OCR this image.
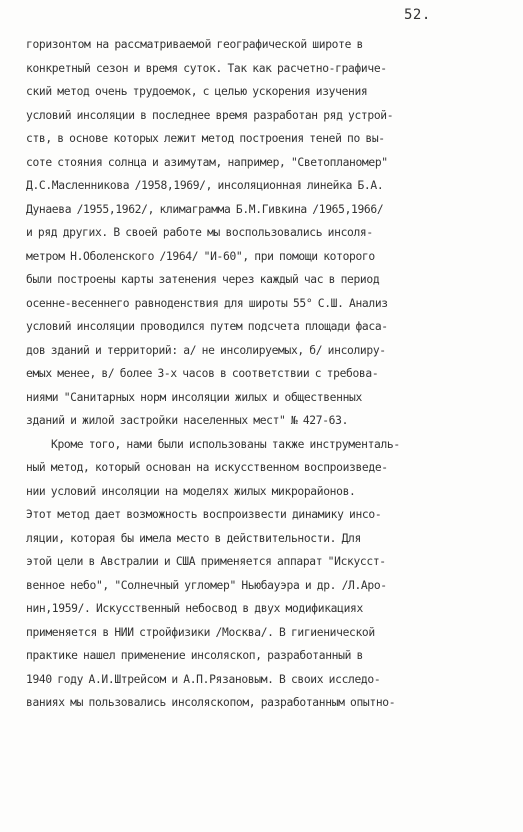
52.
горизонтом на рассматриваемой географической широте в
конкретный сезон и время суток. Так как расчетно-графиче-
ский метод очень трудоемок, с целью ускорения изучения
условий инсоляции в последнее время разработан ряд устрой-
ств, в основе которых лежит метод построения теней по вы-
соте стояния солнца и азимутам, например, "Светопланомер"
Д.С.Масленникова /1958,1969/, инсоляционная линейка Б.А.
Дунаева /1955,1962/, климаграмма Б.М.Гивкина /1965,1966/
и ряд других. В своей работе мы воспользовались инсоля-
метром Н.Оболенского /1964/ "И-60", при помощи которого
были построены карты затенения через каждый час в период
осенне-весеннего равноденствия для широты 55° С.Ш. Анализ
условий инсоляции проводился путем подсчета площади фаса-
дов зданий и территорий: а/ не инсолируемых, б/ инсолиру-
емых менее, в/ более 3-х часов в соответствии с требова-
ниями "Санитарных норм инсоляции жилых и общественных
зданий и жилой застройки населенных мест" № 427-63.
Кроме того, нами были использованы также инструменталь-
ный метод, который основан на искусственном воспроизведе-
нии условий инсоляции на моделях жилых микрорайонов.
Этот метод дает возможность воспроизвести динамику инсо-
ляции, которая бы имела место в действительности. Для
этой цели в Австралии и США применяется аппарат "Искусст-
венное небо", "Солнечный угломер" Ньюбауэра и др. /Л.Аро-
нин,1959/. Искусственный небосвод в двух модификациях
применяется в НИИ стройфизики /Москва/. В гигиенической
практике нашел применение инсоляскоп, разработанный в
1940 году А.И.Штрейсом и А.П.Рязановым. В своих исследо-
ваниях мы пользовались инсоляскопом, разработанным опытно-
